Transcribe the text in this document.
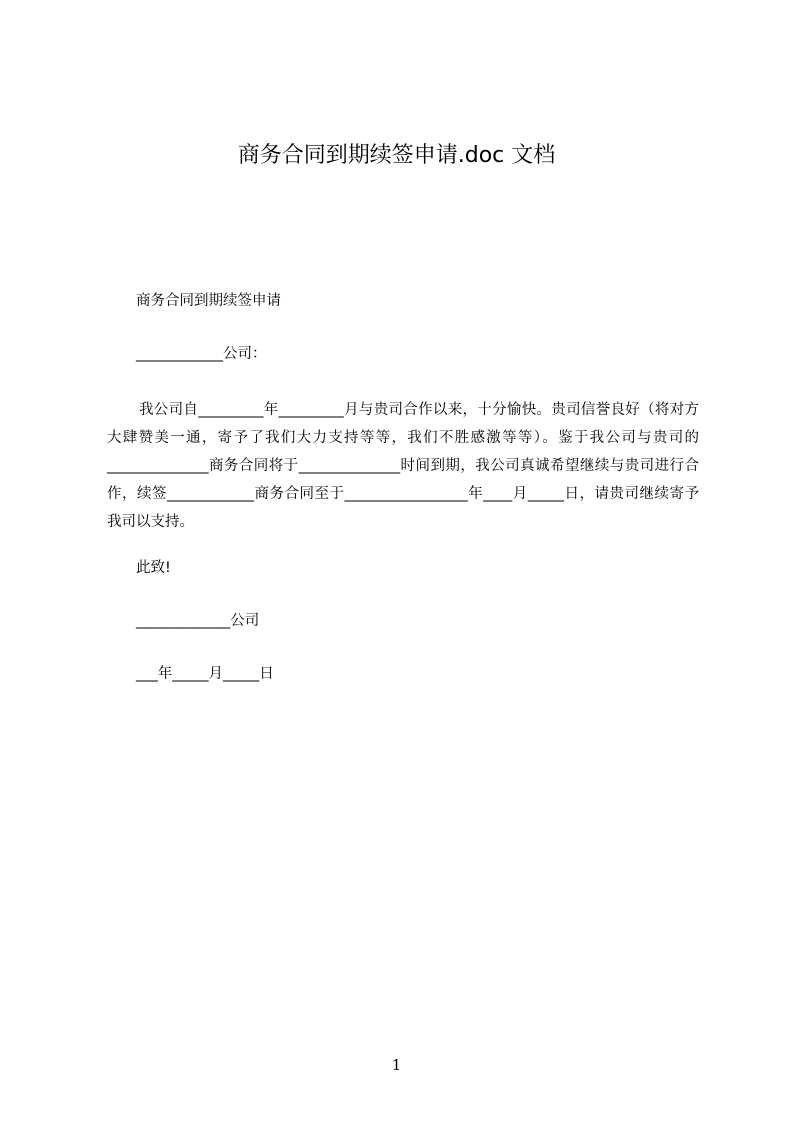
商务合同到期续签申请.doc 文档
商务合同到期续签申请
____________公司：
我公司自_________年_________月与贵司合作以来，十分愉快。贵司信誉良好（将对方大肆赞美一通，寄予了我们大力支持等等，我们不胜感激等等）。鉴于我公司与贵司的______________商务合同将于______________时间到期，我公司真诚希望继续与贵司进行合作，续签____________商务合同至于_________________年____月_____日，请贵司继续寄予我司以支持。
此致!
_____________公司
___年_____月_____日
1
